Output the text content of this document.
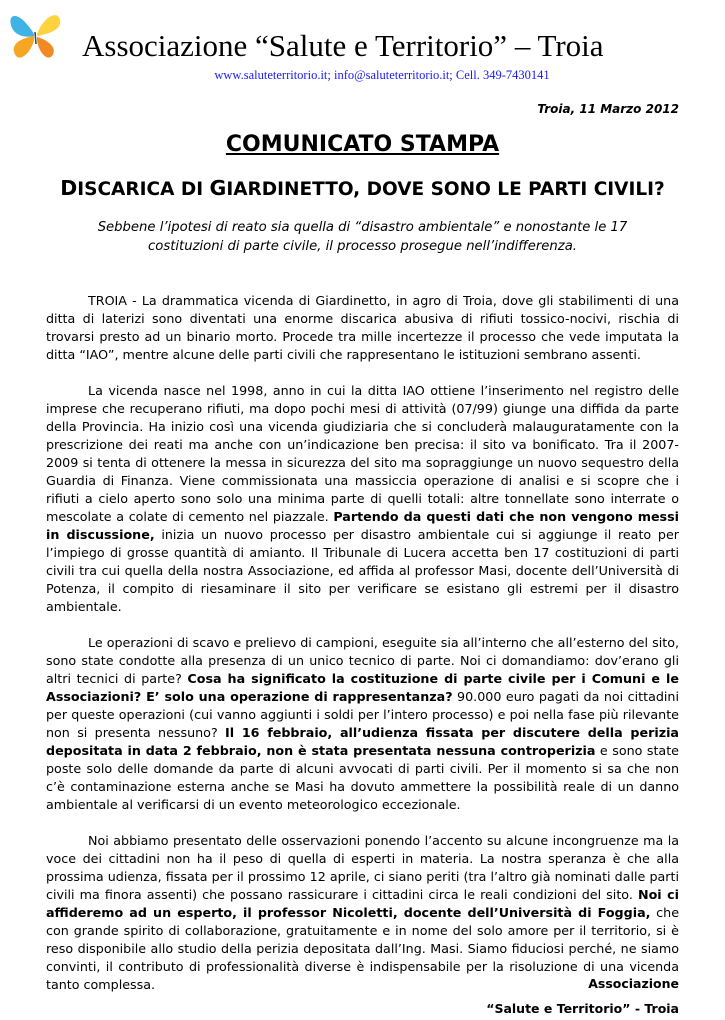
Associazione “Salute e Territorio” – Troia
www.saluteterritorio.it; info@saluteterritorio.it; Cell. 349-7430141
Troia, 11 Marzo 2012
COMUNICATO STAMPA
DISCARICA DI GIARDINETTO, DOVE SONO LE PARTI CIVILI?
Sebbene l’ipotesi di reato sia quella di “disastro ambientale” e nonostante le 17 costituzioni di parte civile, il processo prosegue nell’indifferenza.

TROIA - La drammatica vicenda di Giardinetto, in agro di Troia, dove gli stabilimenti di una ditta di laterizi sono diventati una enorme discarica abusiva di rifiuti tossico-nocivi, rischia di trovarsi presto ad un binario morto. Procede tra mille incertezze il processo che vede imputata la ditta “IAO”, mentre alcune delle parti civili che rappresentano le istituzioni sembrano assenti.

La vicenda nasce nel 1998, anno in cui la ditta IAO ottiene l’inserimento nel registro delle imprese che recuperano rifiuti, ma dopo pochi mesi di attività (07/99) giunge una diffida da parte della Provincia. Ha inizio così una vicenda giudiziaria che si concluderà malauguratamente con la prescrizione dei reati ma anche con un’indicazione ben precisa: il sito va bonificato. Tra il 2007-2009 si tenta di ottenere la messa in sicurezza del sito ma sopraggiunge un nuovo sequestro della Guardia di Finanza. Viene commissionata una massiccia operazione di analisi e si scopre che i rifiuti a cielo aperto sono solo una minima parte di quelli totali: altre tonnellate sono interrate o mescolate a colate di cemento nel piazzale. Partendo da questi dati che non vengono messi in discussione, inizia un nuovo processo per disastro ambientale cui si aggiunge il reato per l’impiego di grosse quantità di amianto. Il Tribunale di Lucera accetta ben 17 costituzioni di parti civili tra cui quella della nostra Associazione, ed affida al professor Masi, docente dell’Università di Potenza, il compito di riesaminare il sito per verificare se esistano gli estremi per il disastro ambientale.

Le operazioni di scavo e prelievo di campioni, eseguite sia all’interno che all’esterno del sito, sono state condotte alla presenza di un unico tecnico di parte. Noi ci domandiamo: dov’erano gli altri tecnici di parte? Cosa ha significato la costituzione di parte civile per i Comuni e le Associazioni? E’ solo una operazione di rappresentanza? 90.000 euro pagati da noi cittadini per queste operazioni (cui vanno aggiunti i soldi per l’intero processo) e poi nella fase più rilevante non si presenta nessuno? Il 16 febbraio, all’udienza fissata per discutere della perizia depositata in data 2 febbraio, non è stata presentata nessuna controperizia e sono state poste solo delle domande da parte di alcuni avvocati di parti civili. Per il momento si sa che non c’è contaminazione esterna anche se Masi ha dovuto ammettere la possibilità reale di un danno ambientale al verificarsi di un evento meteorologico eccezionale.

Noi abbiamo presentato delle osservazioni ponendo l’accento su alcune incongruenze ma la voce dei cittadini non ha il peso di quella di esperti in materia. La nostra speranza è che alla prossima udienza, fissata per il prossimo 12 aprile, ci siano periti (tra l’altro già nominati dalle parti civili ma finora assenti) che possano rassicurare i cittadini circa le reali condizioni del sito. Noi ci affideremo ad un esperto, il professor Nicoletti, docente dell’Università di Foggia, che con grande spirito di collaborazione, gratuitamente e in nome del solo amore per il territorio, si è reso disponibile allo studio della perizia depositata dall’Ing. Masi. Siamo fiduciosi perché, ne siamo convinti, il contributo di professionalità diverse è indispensabile per la risoluzione di una vicenda tanto complessa.	Associazione
“Salute e Territorio” - Troia
